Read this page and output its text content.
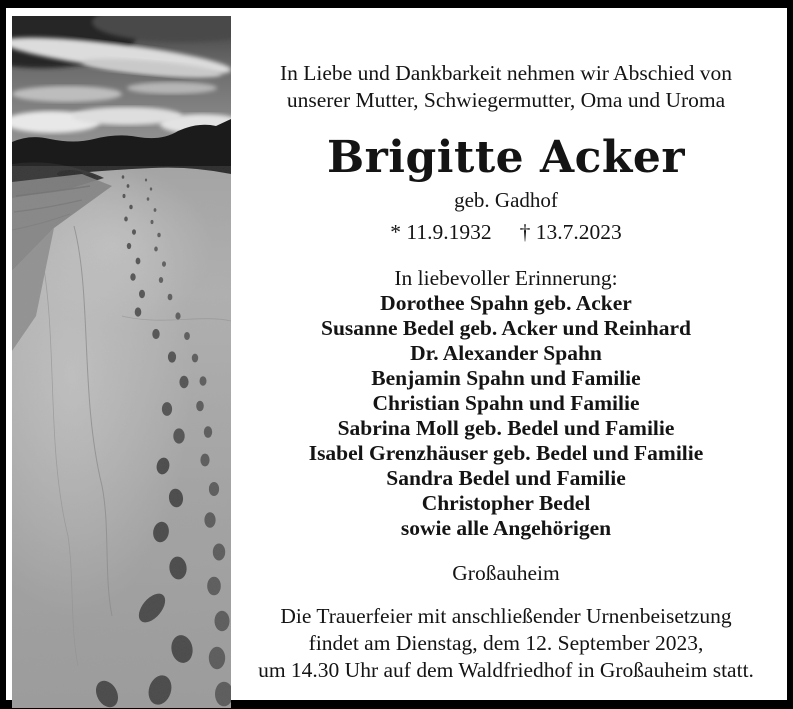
In Liebe und Dankbarkeit nehmen wir Abschied von
unserer Mutter, Schwiegermutter, Oma und Uroma
Brigitte Acker
geb. Gadhof
* 11.9.1932 † 13.7.2023
In liebevoller Erinnerung:
Dorothee Spahn geb. Acker
Susanne Bedel geb. Acker und Reinhard
Dr. Alexander Spahn
Benjamin Spahn und Familie
Christian Spahn und Familie
Sabrina Moll geb. Bedel und Familie
Isabel Grenzhäuser geb. Bedel und Familie
Sandra Bedel und Familie
Christopher Bedel
sowie alle Angehörigen
Großauheim
Die Trauerfeier mit anschließender Urnenbeisetzung
findet am Dienstag, dem 12. September 2023,
um 14.30 Uhr auf dem Waldfriedhof in Großauheim statt.
